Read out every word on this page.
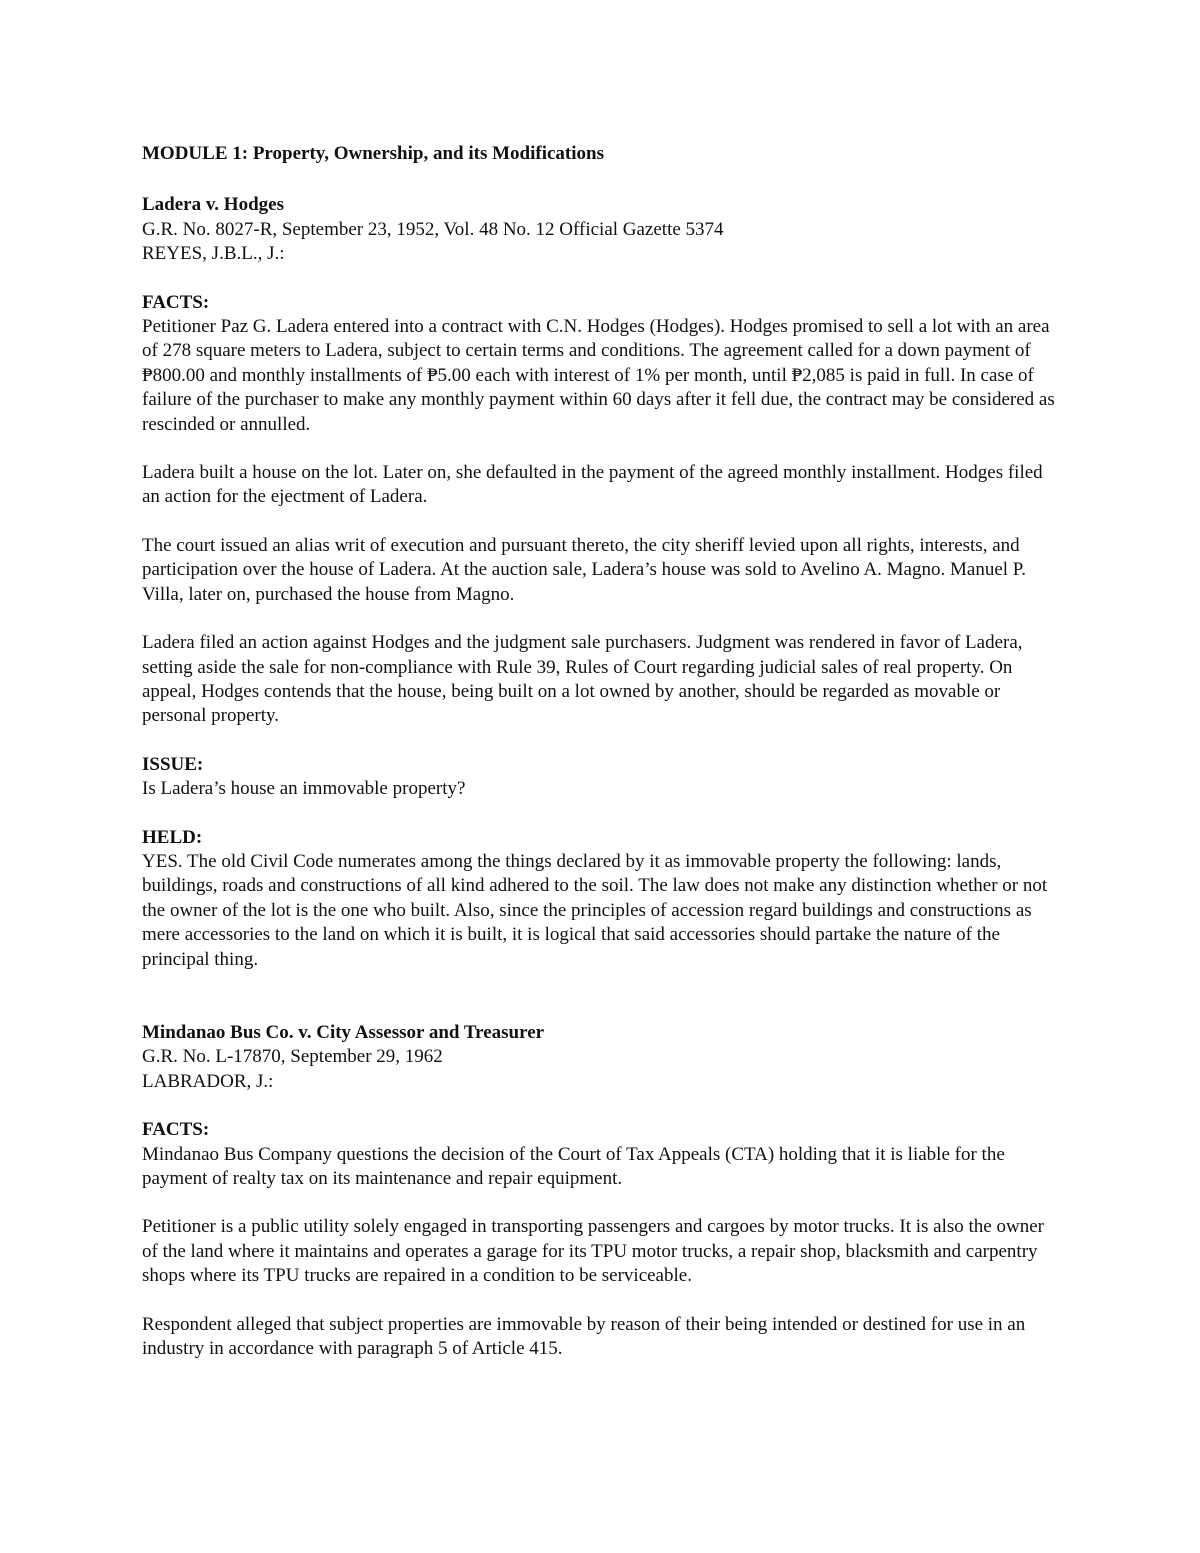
MODULE 1: Property, Ownership, and its Modifications

Ladera v. Hodges
G.R. No. 8027-R, September 23, 1952, Vol. 48 No. 12 Official Gazette 5374
REYES, J.B.L., J.:
FACTS:

Petitioner Paz G. Ladera entered into a contract with C.N. Hodges (Hodges). Hodges promised to sell a lot with an area of 278 square meters to Ladera, subject to certain terms and conditions. The agreement called for a down payment of ₱800.00 and monthly installments of ₱5.00 each with interest of 1% per month, until ₱2,085 is paid in full. In case of failure of the purchaser to make any monthly payment within 60 days after it fell due, the contract may be considered as rescinded or annulled.

Ladera built a house on the lot. Later on, she defaulted in the payment of the agreed monthly installment. Hodges filed an action for the ejectment of Ladera.

The court issued an alias writ of execution and pursuant thereto, the city sheriff levied upon all rights, interests, and participation over the house of Ladera. At the auction sale, Ladera’s house was sold to Avelino A. Magno. Manuel P. Villa, later on, purchased the house from Magno.

Ladera filed an action against Hodges and the judgment sale purchasers. Judgment was rendered in favor of Ladera, setting aside the sale for non-compliance with Rule 39, Rules of Court regarding judicial sales of real property. On appeal, Hodges contends that the house, being built on a lot owned by another, should be regarded as movable or personal property.

ISSUE:

Is Ladera’s house an immovable property?

HELD:

YES. The old Civil Code numerates among the things declared by it as immovable property the following: lands, buildings, roads and constructions of all kind adhered to the soil. The law does not make any distinction whether or not the owner of the lot is the one who built. Also, since the principles of accession regard buildings and constructions as mere accessories to the land on which it is built, it is logical that said accessories should partake the nature of the principal thing.

Mindanao Bus Co. v. City Assessor and Treasurer
G.R. No. L-17870, September 29, 1962
LABRADOR, J.:
FACTS:

Mindanao Bus Company questions the decision of the Court of Tax Appeals (CTA) holding that it is liable for the payment of realty tax on its maintenance and repair equipment.

Petitioner is a public utility solely engaged in transporting passengers and cargoes by motor trucks. It is also the owner of the land where it maintains and operates a garage for its TPU motor trucks, a repair shop, blacksmith and carpentry shops where its TPU trucks are repaired in a condition to be serviceable.

Respondent alleged that subject properties are immovable by reason of their being intended or destined for use in an industry in accordance with paragraph 5 of Article 415.
